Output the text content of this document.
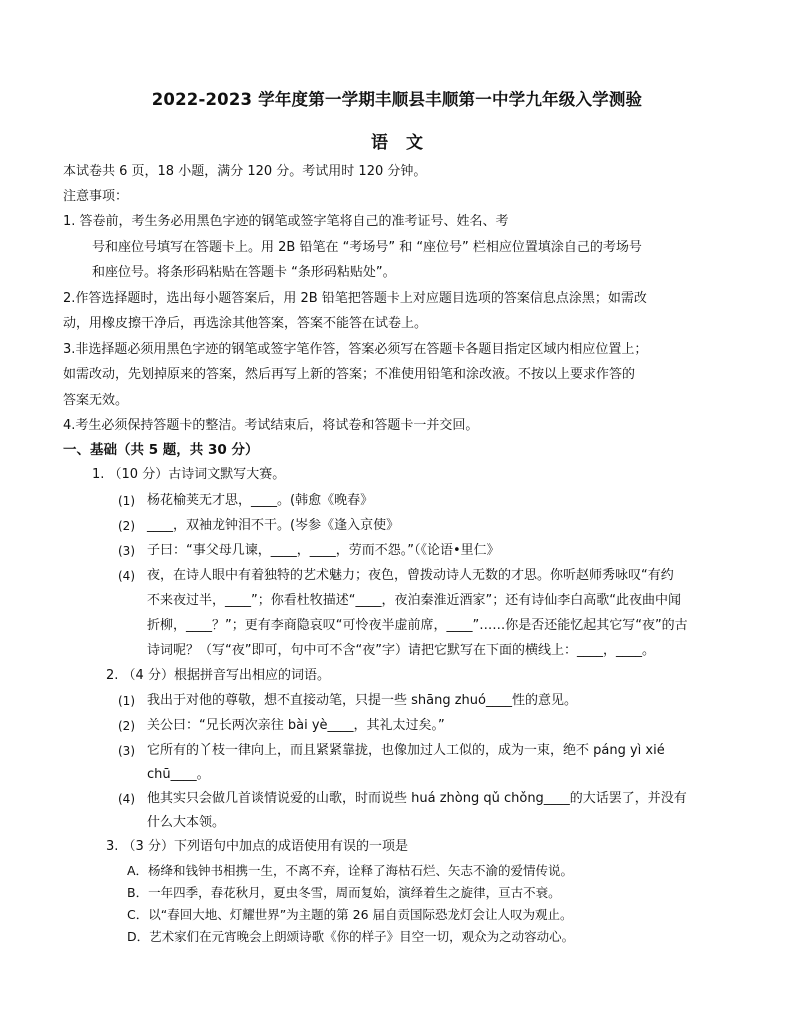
2022-2023 学年度第一学期丰顺县丰顺第一中学九年级入学测验
语文
本试卷共 6 页，18 小题，满分 120 分。考试用时 120 分钟。
注意事项：
1. 答卷前，考生务必用黑色字迹的钢笔或签字笔将自己的准考证号、姓名、考
号和座位号填写在答题卡上。用 2B 铅笔在 “考场号” 和 “座位号” 栏相应位置填涂自己的考场号
和座位号。将条形码粘贴在答题卡 “条形码粘贴处”。
2.作答选择题时，选出每小题答案后，用 2B 铅笔把答题卡上对应题目选项的答案信息点涂黑；如需改
动，用橡皮擦干净后，再选涂其他答案，答案不能答在试卷上。
3.非选择题必须用黑色字迹的钢笔或签字笔作答，答案必须写在答题卡各题目指定区域内相应位置上；
如需改动，先划掉原来的答案，然后再写上新的答案；不准使用铅笔和涂改液。不按以上要求作答的
答案无效。
4.考生必须保持答题卡的整洁。考试结束后，将试卷和答题卡一并交回。
一、基础（共 5 题，共 30 分）
1. （10 分）古诗词文默写大赛。
(1) 杨花榆荚无才思，____。(韩愈《晚春》
(2) ____，双袖龙钟泪不干。(岑参《逢入京使》
(3) 子曰：“事父母几谏，____，____，劳而不怨。”（《论语•里仁》
(4) 夜，在诗人眼中有着独特的艺术魅力；夜色，曾拨动诗人无数的才思。你听赵师秀咏叹“有约
不来夜过半，____”；你看杜牧描述“____，夜泊秦淮近酒家”；还有诗仙李白高歌“此夜曲中闻
折柳，____？”；更有李商隐哀叹“可怜夜半虚前席，____”……你是否还能忆起其它写“夜”的古
诗词呢？（写“夜”即可，句中可不含“夜”字）请把它默写在下面的横线上：____，____。
2. （4 分）根据拼音写出相应的词语。
(1) 我出于对他的尊敬，想不直接动笔，只提一些 shāng zhuó____性的意见。
(2) 关公曰：“兄长两次亲往 bài yè____，其礼太过矣。”
(3) 它所有的丫枝一律向上，而且紧紧靠拢，也像加过人工似的，成为一束，绝不 páng yì xié
chū____。
(4) 他其实只会做几首谈情说爱的山歌，时而说些 huá zhòng qǔ chǒng____的大话罢了，并没有
什么大本领。
3. （3 分）下列语句中加点的成语使用有误的一项是
A．杨绛和钱钟书相携一生，不离不弃，诠释了海枯石烂、矢志不渝的爱情传说。
B．一年四季，春花秋月，夏虫冬雪，周而复始，演绎着生之旋律，亘古不衰。
C．以“春回大地、灯耀世界”为主题的第 26 届自贡国际恐龙灯会让人叹为观止。
D．艺术家们在元宵晚会上朗颂诗歌《你的样子》目空一切，观众为之动容动心。
